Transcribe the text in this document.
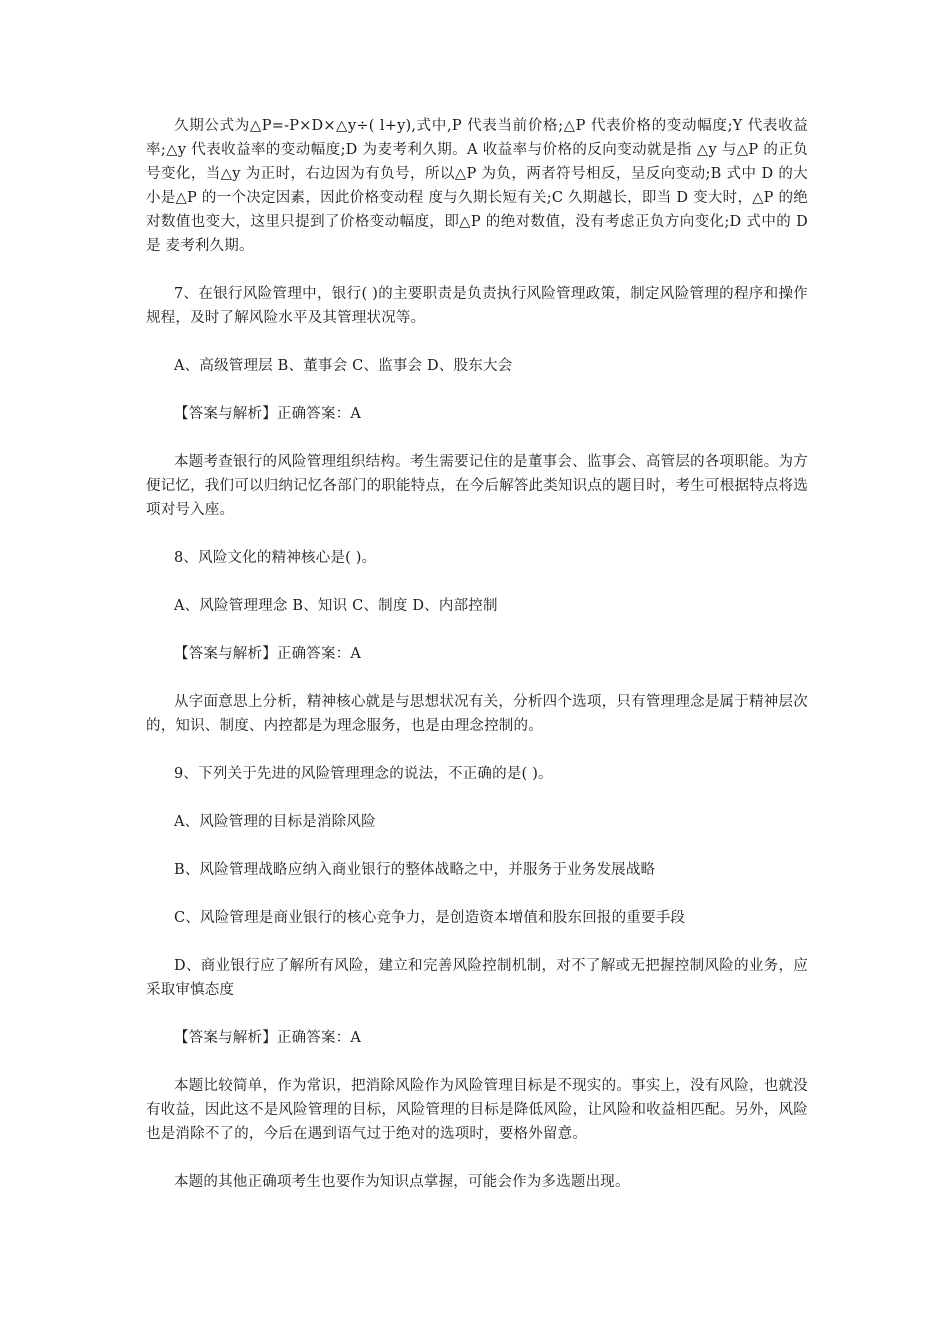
久期公式为△P=-P×D×△y÷( l+y),式中,P 代表当前价格;△P 代表价格的变动幅度;Y 代表收益率;△y 代表收益率的变动幅度;D 为麦考利久期。A 收益率与价格的反向变动就是指 △y 与△P 的正负号变化，当△y 为正时，右边因为有负号，所以△P 为负，两者符号相反，呈反向变动;B 式中 D 的大小是△P 的一个决定因素，因此价格变动程 度与久期长短有关;C 久期越长，即当 D 变大时，△P 的绝对数值也变大，这里只提到了价格变动幅度，即△P 的绝对数值，没有考虑正负方向变化;D 式中的 D 是 麦考利久期。

7、在银行风险管理中，银行( )的主要职责是负责执行风险管理政策，制定风险管理的程序和操作规程，及时了解风险水平及其管理状况等。

A、高级管理层 B、董事会 C、监事会 D、股东大会

【答案与解析】正确答案：A

本题考查银行的风险管理组织结构。考生需要记住的是董事会、监事会、高管层的各项职能。为方便记忆，我们可以归纳记忆各部门的职能特点，在今后解答此类知识点的题目时，考生可根据特点将选项对号入座。

8、风险文化的精神核心是( )。

A、风险管理理念 B、知识 C、制度 D、内部控制

【答案与解析】正确答案：A

从字面意思上分析，精神核心就是与思想状况有关，分析四个选项，只有管理理念是属于精神层次的，知识、制度、内控都是为理念服务，也是由理念控制的。

9、下列关于先进的风险管理理念的说法，不正确的是( )。

A、风险管理的目标是消除风险

B、风险管理战略应纳入商业银行的整体战略之中，并服务于业务发展战略

C、风险管理是商业银行的核心竞争力，是创造资本增值和股东回报的重要手段

D、商业银行应了解所有风险，建立和完善风险控制机制，对不了解或无把握控制风险的业务，应采取审慎态度

【答案与解析】正确答案：A

本题比较简单，作为常识，把消除风险作为风险管理目标是不现实的。事实上，没有风险，也就没有收益，因此这不是风险管理的目标，风险管理的目标是降低风险，让风险和收益相匹配。另外，风险也是消除不了的，今后在遇到语气过于绝对的选项时，要格外留意。

本题的其他正确项考生也要作为知识点掌握，可能会作为多选题出现。
